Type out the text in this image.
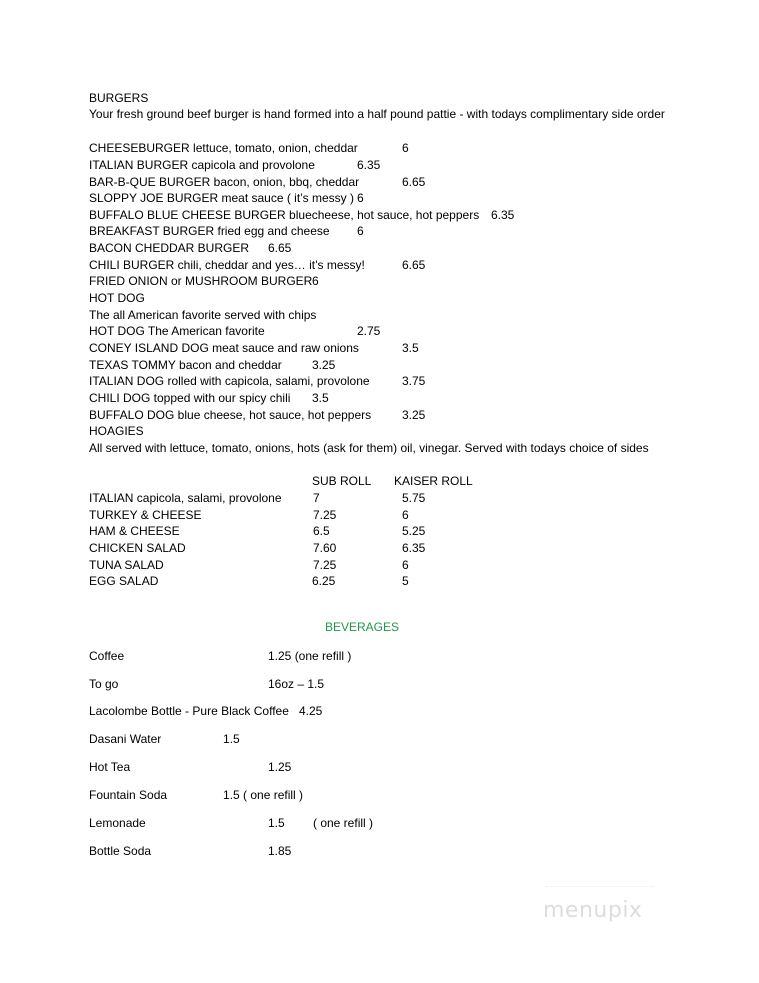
BURGERS
Your fresh ground beef burger is hand formed into a half pound pattie - with todays complimentary side order
CHEESEBURGER lettuce, tomato, onion, cheddar	6
ITALIAN BURGER capicola and provolone	6.35
BAR-B-QUE BURGER bacon, onion, bbq, cheddar	6.65
SLOPPY JOE BURGER meat sauce ( it’s messy ) 6
BUFFALO BLUE CHEESE BURGER bluecheese, hot sauce, hot peppers 6.35
BREAKFAST BURGER fried egg and cheese 6
BACON CHEDDAR BURGER 6.65
CHILI BURGER chili, cheddar and yes… it’s messy!	6.65
FRIED ONION or MUSHROOM BURGER 6
HOT DOG
The all American favorite served with chips
HOT DOG The American favorite	2.75
CONEY ISLAND DOG meat sauce and raw onions	3.5
TEXAS TOMMY bacon and cheddar	3.25
ITALIAN DOG rolled with capicola, salami, provolone	3.75
CHILI DOG topped with our spicy chili 3.5
BUFFALO DOG blue cheese, hot sauce, hot peppers	3.25
HOAGIES
All served with lettuce, tomato, onions, hots (ask for them) oil, vinegar. Served with todays choice of sides
SUB ROLL KAISER ROLL
ITALIAN capicola, salami, provolone	7	5.75
TURKEY & CHEESE	7.25	6
HAM & CHEESE	6.5	5.25
CHICKEN SALAD	7.60	6.35
TUNA SALAD	7.25	6
EGG SALAD	6.25	5
BEVERAGES
Coffee	1.25 (one refill )
To go	16oz – 1.5
Lacolombe Bottle - Pure Black Coffee 4.25
Dasani Water	1.5
Hot Tea	1.25
Fountain Soda	1.5 ( one refill )
Lemonade	1.5 ( one refill )
Bottle Soda	1.85
menupix
